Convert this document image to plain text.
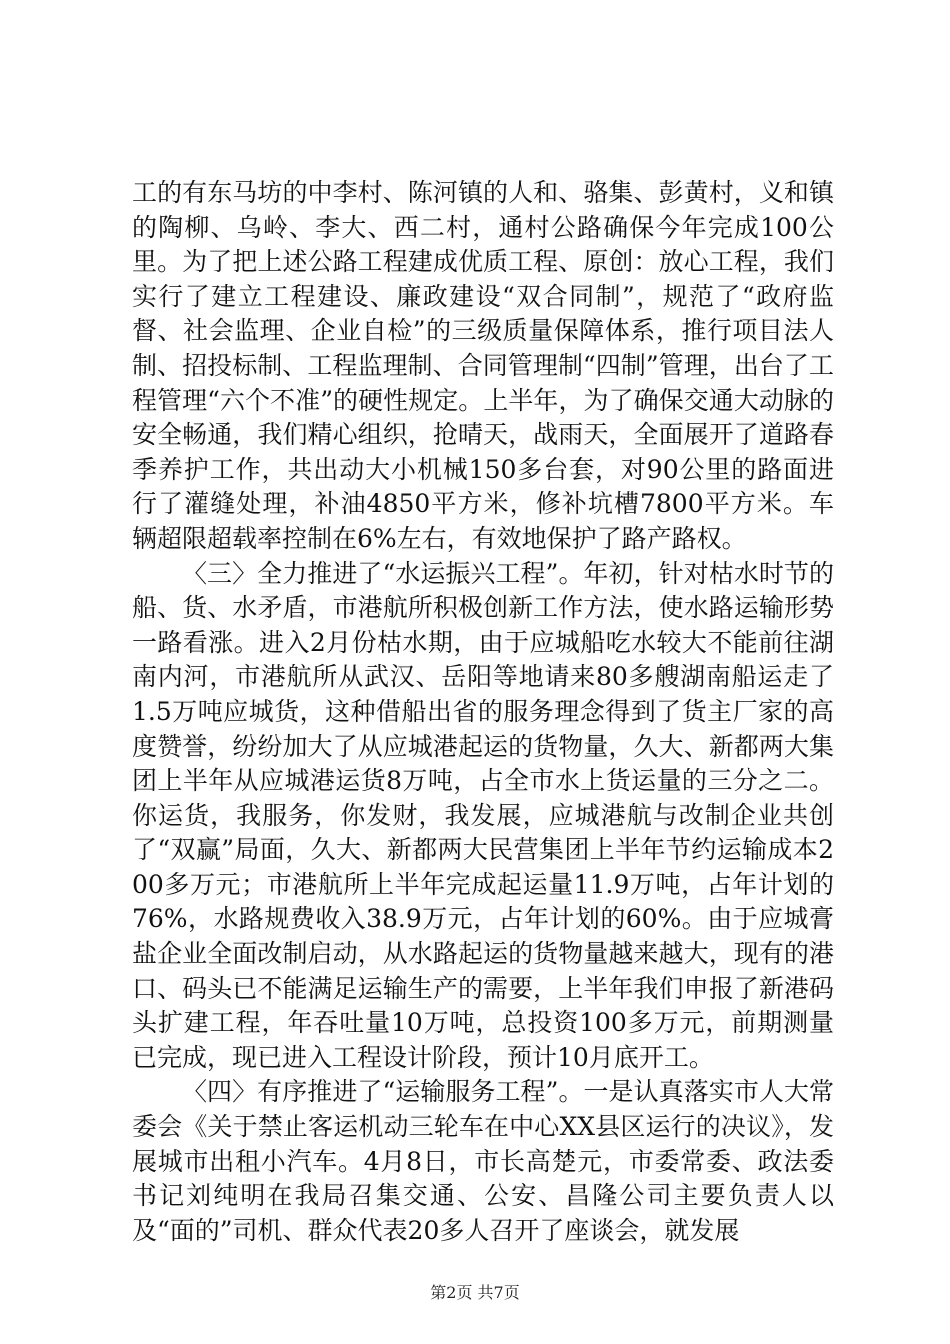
工的有东马坊的中李村、陈河镇的人和、骆集、彭黄村，义和镇的陶柳、乌岭、李大、西二村，通村公路确保今年完成100公里。为了把上述公路工程建成优质工程、原创：放心工程，我们实行了建立工程建设、廉政建设“双合同制”，规范了“政府监督、社会监理、企业自检”的三级质量保障体系，推行项目法人制、招投标制、工程监理制、合同管理制“四制”管理，出台了工程管理“六个不准”的硬性规定。上半年，为了确保交通大动脉的安全畅通，我们精心组织，抢晴天，战雨天，全面展开了道路春季养护工作，共出动大小机械150多台套，对90公里的路面进行了灌缝处理，补油4850平方米，修补坑槽7800平方米。车辆超限超载率控制在6%左右，有效地保护了路产路权。

〈三〉全力推进了“水运振兴工程”。年初，针对枯水时节的船、货、水矛盾，市港航所积极创新工作方法，使水路运输形势一路看涨。进入2月份枯水期，由于应城船吃水较大不能前往湖南内河，市港航所从武汉、岳阳等地请来80多艘湖南船运走了1.5万吨应城货，这种借船出省的服务理念得到了货主厂家的高度赞誉，纷纷加大了从应城港起运的货物量，久大、新都两大集团上半年从应城港运货8万吨，占全市水上货运量的三分之二。你运货，我服务，你发财，我发展，应城港航与改制企业共创了“双赢”局面，久大、新都两大民营集团上半年节约运输成本200多万元；市港航所上半年完成起运量11.9万吨，占年计划的76%，水路规费收入38.9万元，占年计划的60%。由于应城膏盐企业全面改制启动，从水路起运的货物量越来越大，现有的港口、码头已不能满足运输生产的需要，上半年我们申报了新港码头扩建工程，年吞吐量10万吨，总投资100多万元，前期测量已完成，现已进入工程设计阶段，预计10月底开工。

〈四〉有序推进了“运输服务工程”。一是认真落实市人大常委会《关于禁止客运机动三轮车在中心XX县区运行的决议》，发展城市出租小汽车。4月8日，市长高楚元，市委常委、政法委书记刘纯明在我局召集交通、公安、昌隆公司主要负责人以及“面的”司机、群众代表20多人召开了座谈会，就发展

第2页 共7页
